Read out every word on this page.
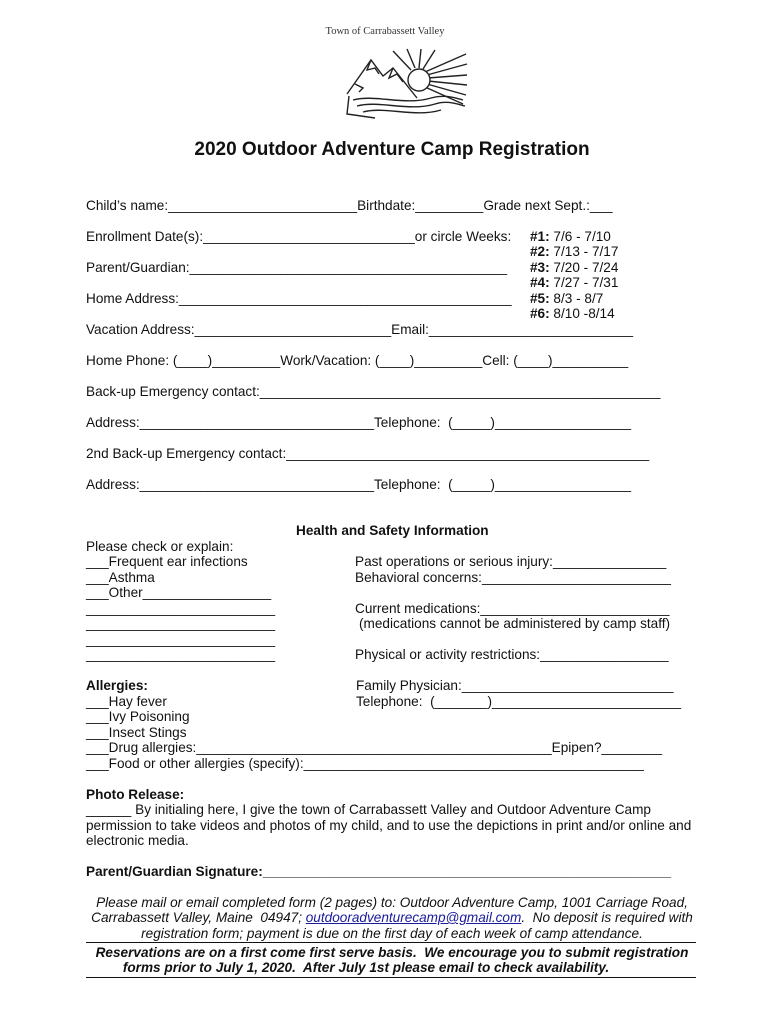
Town of Carrabassett Valley
2020 Outdoor Adventure Camp Registration
Child’s name:_________________________Birthdate:_________Grade next Sept.:___
Enrollment Date(s):____________________________or circle Weeks: #1: 7/6 - 7/10
#2: 7/13 - 7/17
#3: 7/20 - 7/24
#4: 7/27 - 7/31
#5: 8/3 - 8/7
#6: 8/10 -8/14
Parent/Guardian:__________________________________________
Home Address:____________________________________________
Vacation Address:__________________________Email:___________________________
Home Phone: (____)_________Work/Vacation: (____)_________Cell: (____)__________
Back-up Emergency contact:_____________________________________________________
Address:_______________________________Telephone:  (_____)__________________
2nd Back-up Emergency contact:________________________________________________
Address:_______________________________Telephone:  (_____)__________________
Health and Safety Information
Please check or explain:
___Frequent ear infections
___Asthma
___Other_________________
_________________________
_________________________
_________________________
_________________________
Past operations or serious injury:_______________
Behavioral concerns:_________________________
Current medications:_________________________
(medications cannot be administered by camp staff)
Physical or activity restrictions:_________________
Allergies:
___Hay fever
___Ivy Poisoning
___Insect Stings
___Drug allergies:_______________________________________________Epipen?________
___Food or other allergies (specify):_____________________________________________
Family Physician:____________________________
Telephone:  (_______)_________________________
Photo Release:
______ By initialing here, I give the town of Carrabassett Valley and Outdoor Adventure Camp
permission to take videos and photos of my child, and to use the depictions in print and/or online and
electronic media.
Parent/Guardian Signature:______________________________________________________
Please mail or email completed form (2 pages) to: Outdoor Adventure Camp, 1001 Carriage Road,
Carrabassett Valley, Maine  04947; outdooradventurecamp@gmail.com.  No deposit is required with
registration form; payment is due on the first day of each week of camp attendance.
Reservations are on a first come first serve basis.  We encourage you to submit registration
forms prior to July 1, 2020.  After July 1st please email to check availability.
